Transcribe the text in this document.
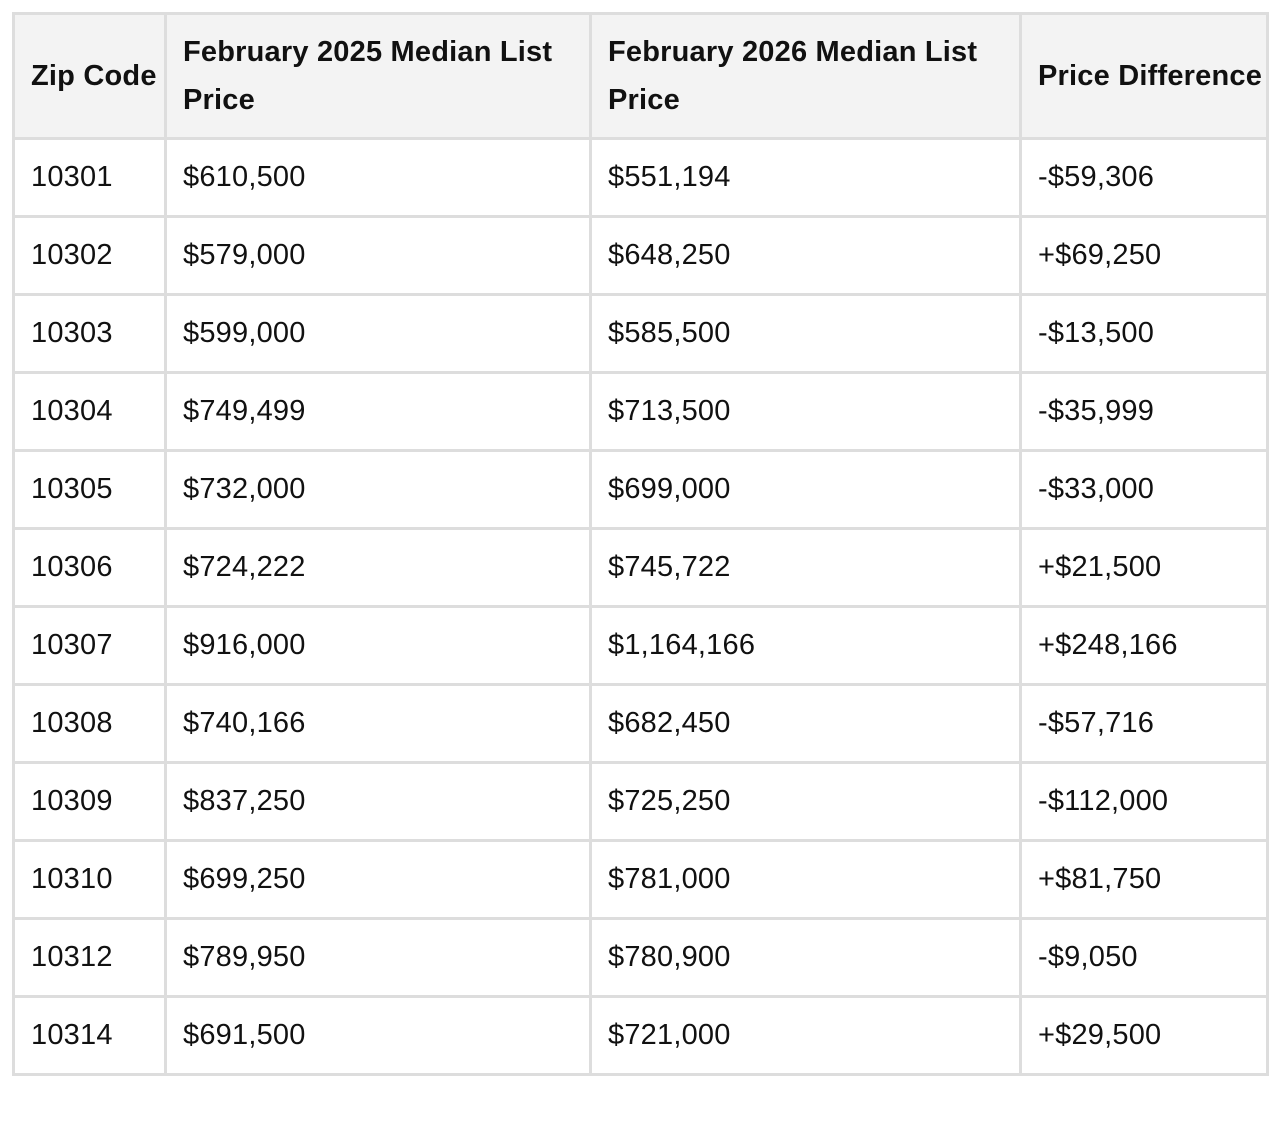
Zip Code	February 2025 Median List Price	February 2026 Median List Price	Price Difference
10301	$610,500	$551,194	-$59,306
10302	$579,000	$648,250	+$69,250
10303	$599,000	$585,500	-$13,500
10304	$749,499	$713,500	-$35,999
10305	$732,000	$699,000	-$33,000
10306	$724,222	$745,722	+$21,500
10307	$916,000	$1,164,166	+$248,166
10308	$740,166	$682,450	-$57,716
10309	$837,250	$725,250	-$112,000
10310	$699,250	$781,000	+$81,750
10312	$789,950	$780,900	-$9,050
10314	$691,500	$721,000	+$29,500
